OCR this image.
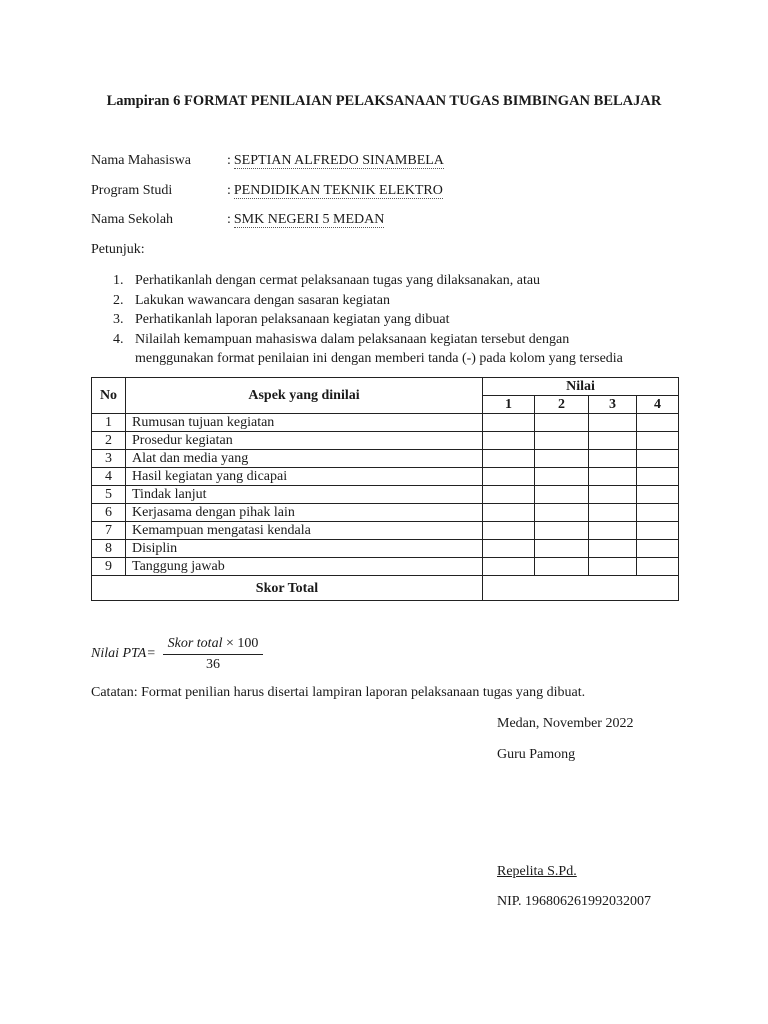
Lampiran 6 FORMAT PENILAIAN PELAKSANAAN TUGAS BIMBINGAN BELAJAR
Nama Mahasiswa	: SEPTIAN ALFREDO SINAMBELA
Program Studi	: PENDIDIKAN TEKNIK ELEKTRO
Nama Sekolah	: SMK NEGERI 5 MEDAN
Petunjuk:
1. Perhatikanlah dengan cermat pelaksanaan tugas yang dilaksanakan, atau
2. Lakukan wawancara dengan sasaran kegiatan
3. Perhatikanlah laporan pelaksanaan kegiatan yang dibuat
4. Nilailah kemampuan mahasiswa dalam pelaksanaan kegiatan tersebut dengan
menggunakan format penilaian ini dengan memberi tanda (-) pada kolom yang tersedia
No	Aspek yang dinilai	Nilai			
		1	2	3	4
1	Rumusan tujuan kegiatan				
2	Prosedur kegiatan				
3	Alat dan media yang				
4	Hasil kegiatan yang dicapai				
5	Tindak lanjut				
6	Kerjasama dengan pihak lain				
7	Kemampuan mengatasi kendala				
8	Disiplin				
9	Tanggung jawab				
Skor Total					
Nilai PTA=
Skor total × 100
36
Catatan: Format penilian harus disertai lampiran laporan pelaksanaan tugas yang dibuat.
Medan, November 2022
Guru Pamong
Repelita S.Pd.
NIP. 196806261992032007
